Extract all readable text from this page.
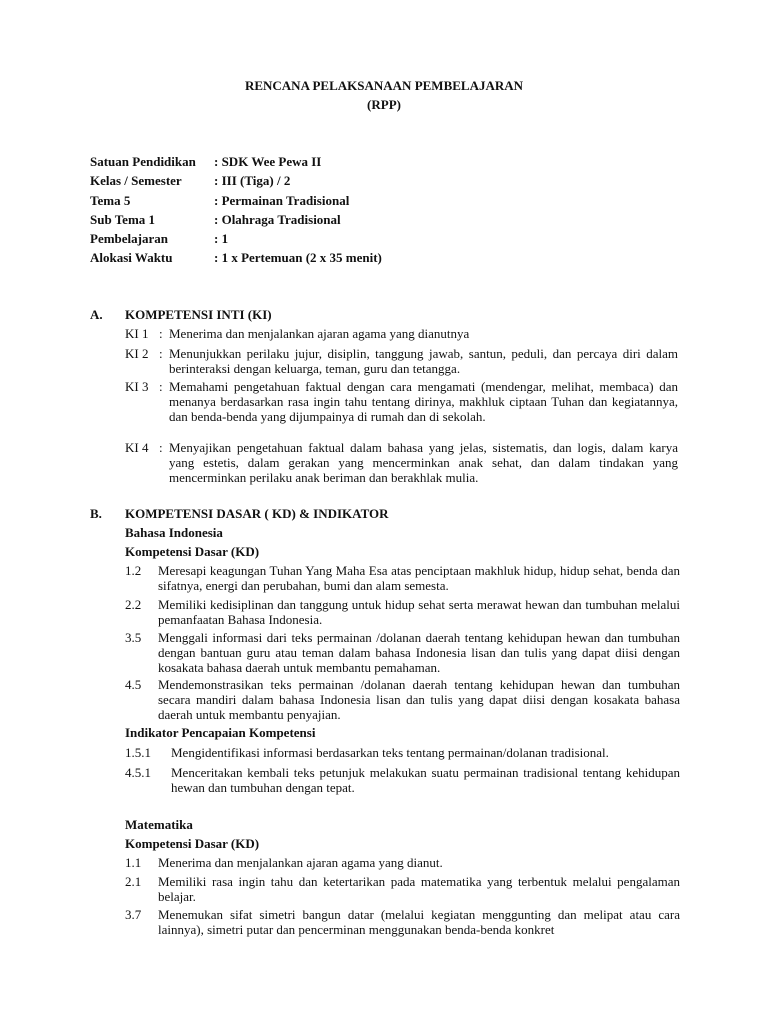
RENCANA PELAKSANAAN PEMBELAJARAN
(RPP)
Satuan Pendidikan : SDK Wee Pewa II
Kelas / Semester : III (Tiga) / 2
Tema 5	: Permainan Tradisional
Sub Tema 1	: Olahraga Tradisional
Pembelajaran	: 1
Alokasi Waktu	: 1 x Pertemuan (2 x 35 menit)
A. KOMPETENSI INTI (KI)
KI 1 : Menerima dan menjalankan ajaran agama yang dianutnya
KI 2 : Menunjukkan perilaku jujur, disiplin, tanggung jawab, santun, peduli, dan percaya diri dalam berinteraksi dengan keluarga, teman, guru dan tetangga.
KI 3 : Memahami pengetahuan faktual dengan cara mengamati (mendengar, melihat, membaca) dan menanya berdasarkan rasa ingin tahu tentang dirinya, makhluk ciptaan Tuhan dan kegiatannya, dan benda-benda yang dijumpainya di rumah dan di sekolah.
KI 4 : Menyajikan pengetahuan faktual dalam bahasa yang jelas, sistematis, dan logis, dalam karya yang estetis, dalam gerakan yang mencerminkan anak sehat, dan dalam tindakan yang mencerminkan perilaku anak beriman dan berakhlak mulia.
B. KOMPETENSI DASAR ( KD) & INDIKATOR
Bahasa Indonesia
Kompetensi Dasar (KD)
1.2	Meresapi keagungan Tuhan Yang Maha Esa atas penciptaan makhluk hidup, hidup sehat, benda dan sifatnya, energi dan perubahan, bumi dan alam semesta.
2.2	Memiliki kedisiplinan dan tanggung untuk hidup sehat serta merawat hewan dan tumbuhan melalui pemanfaatan Bahasa Indonesia.
3.5	Menggali informasi dari teks permainan /dolanan daerah tentang kehidupan hewan dan tumbuhan dengan bantuan guru atau teman dalam bahasa Indonesia lisan dan tulis yang dapat diisi dengan kosakata bahasa daerah untuk membantu pemahaman.
4.5	Mendemonstrasikan teks permainan /dolanan daerah tentang kehidupan hewan dan tumbuhan secara mandiri dalam bahasa Indonesia lisan dan tulis yang dapat diisi dengan kosakata bahasa daerah untuk membantu penyajian.
Indikator Pencapaian Kompetensi
1.5.1	Mengidentifikasi informasi berdasarkan teks tentang permainan/dolanan tradisional.
4.5.1	Menceritakan kembali teks petunjuk melakukan suatu permainan tradisional tentang kehidupan hewan dan tumbuhan dengan tepat.
Matematika
Kompetensi Dasar (KD)
1.1	Menerima dan menjalankan ajaran agama yang dianut.
2.1	Memiliki rasa ingin tahu dan ketertarikan pada matematika yang terbentuk melalui pengalaman belajar.
3.7	Menemukan sifat simetri bangun datar (melalui kegiatan menggunting dan melipat atau cara lainnya), simetri putar dan pencerminan menggunakan benda-benda konkret
